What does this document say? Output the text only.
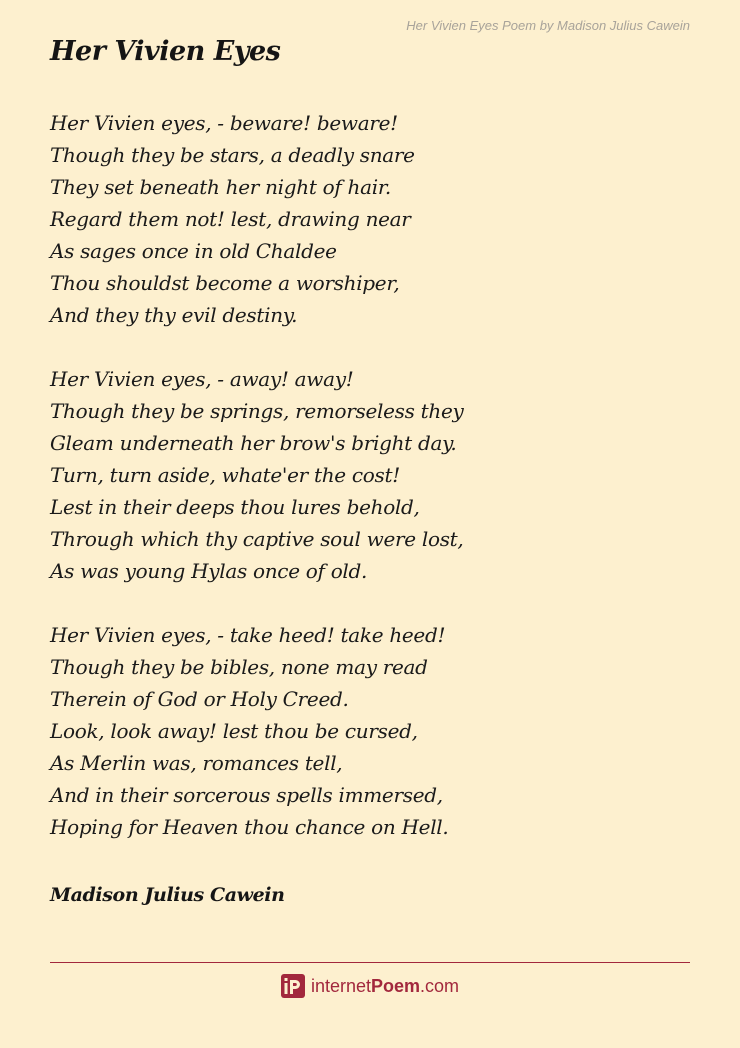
Her Vivien Eyes Poem by Madison Julius Cawein
Her Vivien Eyes
Her Vivien eyes, - beware! beware!
Though they be stars, a deadly snare
They set beneath her night of hair.
Regard them not! lest, drawing near
As sages once in old Chaldee
Thou shouldst become a worshiper,
And they thy evil destiny.
Her Vivien eyes, - away! away!
Though they be springs, remorseless they
Gleam underneath her brow's bright day.
Turn, turn aside, whate'er the cost!
Lest in their deeps thou lures behold,
Through which thy captive soul were lost,
As was young Hylas once of old.
Her Vivien eyes, - take heed! take heed!
Though they be bibles, none may read
Therein of God or Holy Creed.
Look, look away! lest thou be cursed,
As Merlin was, romances tell,
And in their sorcerous spells immersed,
Hoping for Heaven thou chance on Hell.
Madison Julius Cawein
internetPoem.com
